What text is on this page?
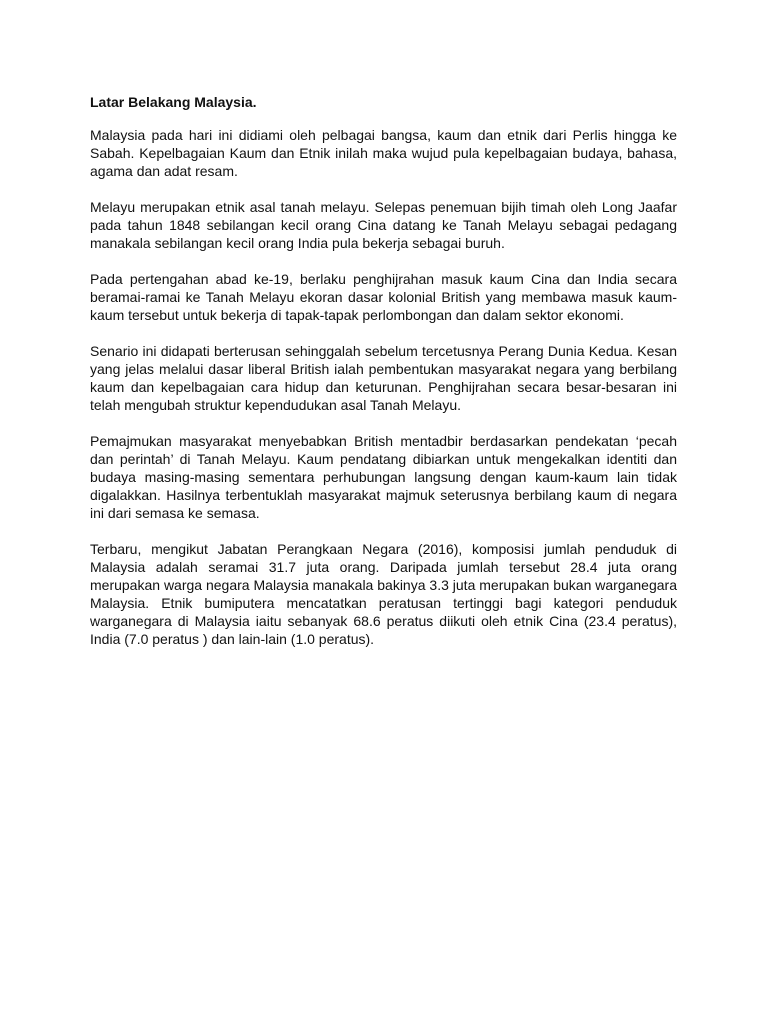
Latar Belakang Malaysia.

Malaysia pada hari ini didiami oleh pelbagai bangsa, kaum dan etnik dari Perlis hingga ke Sabah. Kepelbagaian Kaum dan Etnik inilah maka wujud pula kepelbagaian budaya, bahasa, agama dan adat resam.

Melayu merupakan etnik asal tanah melayu. Selepas penemuan bijih timah oleh Long Jaafar pada tahun 1848 sebilangan kecil orang Cina datang ke Tanah Melayu sebagai pedagang manakala sebilangan kecil orang India pula bekerja sebagai buruh.

Pada pertengahan abad ke-19, berlaku penghijrahan masuk kaum Cina dan India secara beramai-ramai ke Tanah Melayu ekoran dasar kolonial British yang membawa masuk kaum-kaum tersebut untuk bekerja di tapak-tapak perlombongan dan dalam sektor ekonomi.

Senario ini didapati berterusan sehinggalah sebelum tercetusnya Perang Dunia Kedua. Kesan yang jelas melalui dasar liberal British ialah pembentukan masyarakat negara yang berbilang kaum dan kepelbagaian cara hidup dan keturunan. Penghijrahan secara besar-besaran ini telah mengubah struktur kependudukan asal Tanah Melayu.

Pemajmukan masyarakat menyebabkan British mentadbir berdasarkan pendekatan ‘pecah dan perintah’ di Tanah Melayu. Kaum pendatang dibiarkan untuk mengekalkan identiti dan budaya masing-masing sementara perhubungan langsung dengan kaum-kaum lain tidak digalakkan. Hasilnya terbentuklah masyarakat majmuk seterusnya berbilang kaum di negara ini dari semasa ke semasa.

Terbaru, mengikut Jabatan Perangkaan Negara (2016), komposisi jumlah penduduk di Malaysia adalah seramai 31.7 juta orang. Daripada jumlah tersebut 28.4 juta orang merupakan warga negara Malaysia manakala bakinya 3.3 juta merupakan bukan warganegara Malaysia. Etnik bumiputera mencatatkan peratusan tertinggi bagi kategori penduduk warganegara di Malaysia iaitu sebanyak 68.6 peratus diikuti oleh etnik Cina (23.4 peratus), India (7.0 peratus ) dan lain-lain (1.0 peratus).
